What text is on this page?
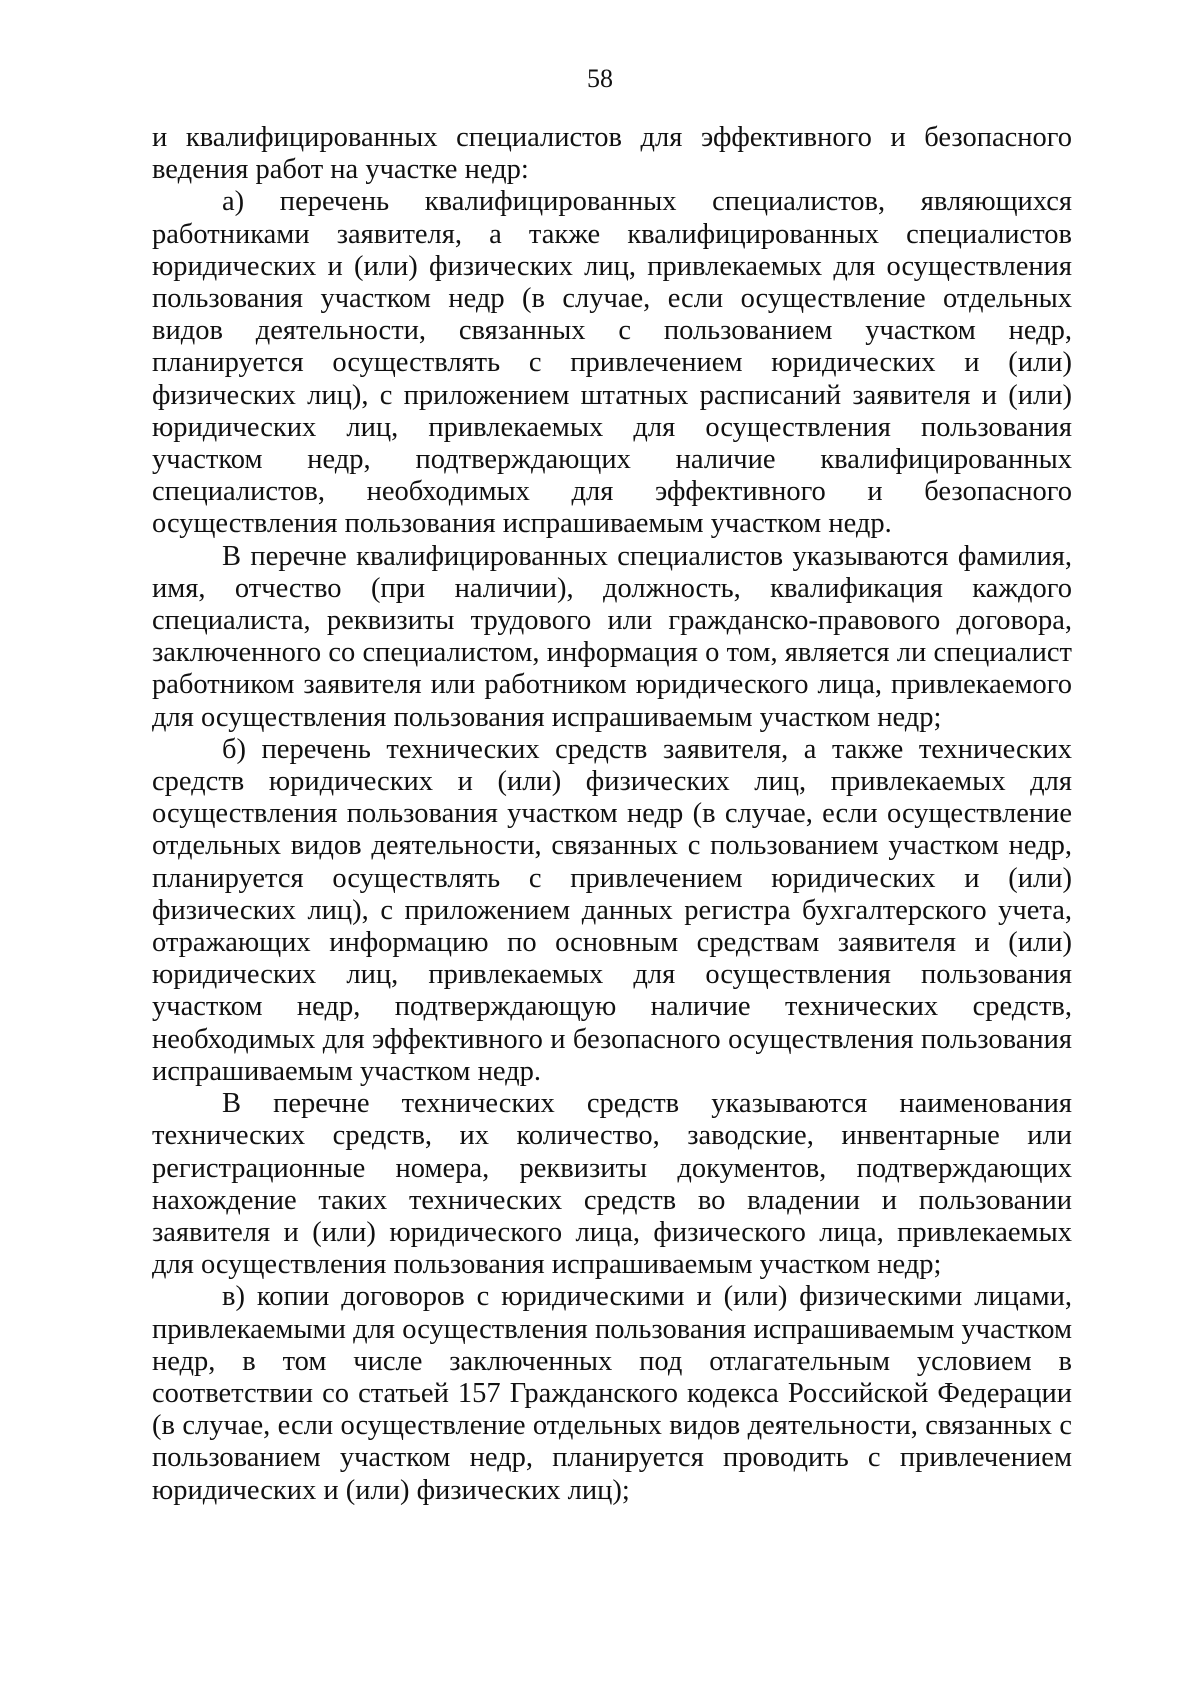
58

и квалифицированных специалистов для эффективного и безопасного ведения работ на участке недр:

а) перечень квалифицированных специалистов, являющихся работниками заявителя, а также квалифицированных специалистов юридических и (или) физических лиц, привлекаемых для осуществления пользования участком недр (в случае, если осуществление отдельных видов деятельности, связанных с пользованием участком недр, планируется осуществлять с привлечением юридических и (или) физических лиц), с приложением штатных расписаний заявителя и (или) юридических лиц, привлекаемых для осуществления пользования участком недр, подтверждающих наличие квалифицированных специалистов, необходимых для эффективного и безопасного осуществления пользования испрашиваемым участком недр.

В перечне квалифицированных специалистов указываются фамилия, имя, отчество (при наличии), должность, квалификация каждого специалиста, реквизиты трудового или гражданско-правового договора, заключенного со специалистом, информация о том, является ли специалист работником заявителя или работником юридического лица, привлекаемого для осуществления пользования испрашиваемым участком недр;

б) перечень технических средств заявителя, а также технических средств юридических и (или) физических лиц, привлекаемых для осуществления пользования участком недр (в случае, если осуществление отдельных видов деятельности, связанных с пользованием участком недр, планируется осуществлять с привлечением юридических и (или) физических лиц), с приложением данных регистра бухгалтерского учета, отражающих информацию по основным средствам заявителя и (или) юридических лиц, привлекаемых для осуществления пользования участком недр, подтверждающую наличие технических средств, необходимых для эффективного и безопасного осуществления пользования испрашиваемым участком недр.

В перечне технических средств указываются наименования технических средств, их количество, заводские, инвентарные или регистрационные номера, реквизиты документов, подтверждающих нахождение таких технических средств во владении и пользовании заявителя и (или) юридического лица, физического лица, привлекаемых для осуществления пользования испрашиваемым участком недр;

в) копии договоров с юридическими и (или) физическими лицами, привлекаемыми для осуществления пользования испрашиваемым участком недр, в том числе заключенных под отлагательным условием в соответствии со статьей 157 Гражданского кодекса Российской Федерации (в случае, если осуществление отдельных видов деятельности, связанных с пользованием участком недр, планируется проводить с привлечением юридических и (или) физических лиц);
